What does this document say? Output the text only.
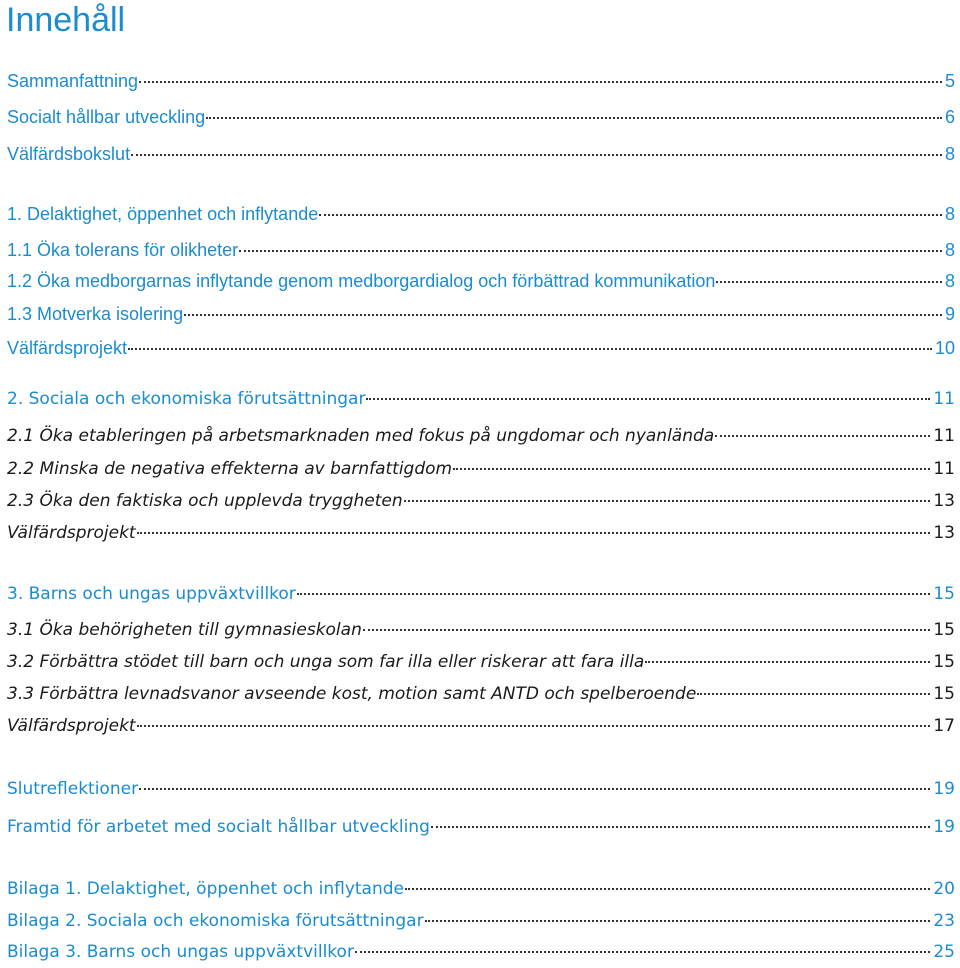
Innehåll
Sammanfattning	5
Socialt hållbar utveckling	6
Välfärdsbokslut	8
1. Delaktighet, öppenhet och inflytande	8
1.1 Öka tolerans för olikheter	8
1.2 Öka medborgarnas inflytande genom medborgardialog och förbättrad kommunikation	8
1.3 Motverka isolering	9
Välfärdsprojekt	10
2. Sociala och ekonomiska förutsättningar	11
2.1 Öka etableringen på arbetsmarknaden med fokus på ungdomar och nyanlända	11
2.2 Minska de negativa effekterna av barnfattigdom	11
2.3 Öka den faktiska och upplevda tryggheten	13
Välfärdsprojekt	13
3. Barns och ungas uppväxtvillkor	15
3.1 Öka behörigheten till gymnasieskolan	15
3.2 Förbättra stödet till barn och unga som far illa eller riskerar att fara illa	15
3.3 Förbättra levnadsvanor avseende kost, motion samt ANTD och spelberoende	15
Välfärdsprojekt	17
Slutreflektioner	19
Framtid för arbetet med socialt hållbar utveckling	19
Bilaga 1. Delaktighet, öppenhet och inflytande	20
Bilaga 2. Sociala och ekonomiska förutsättningar	23
Bilaga 3. Barns och ungas uppväxtvillkor	25
